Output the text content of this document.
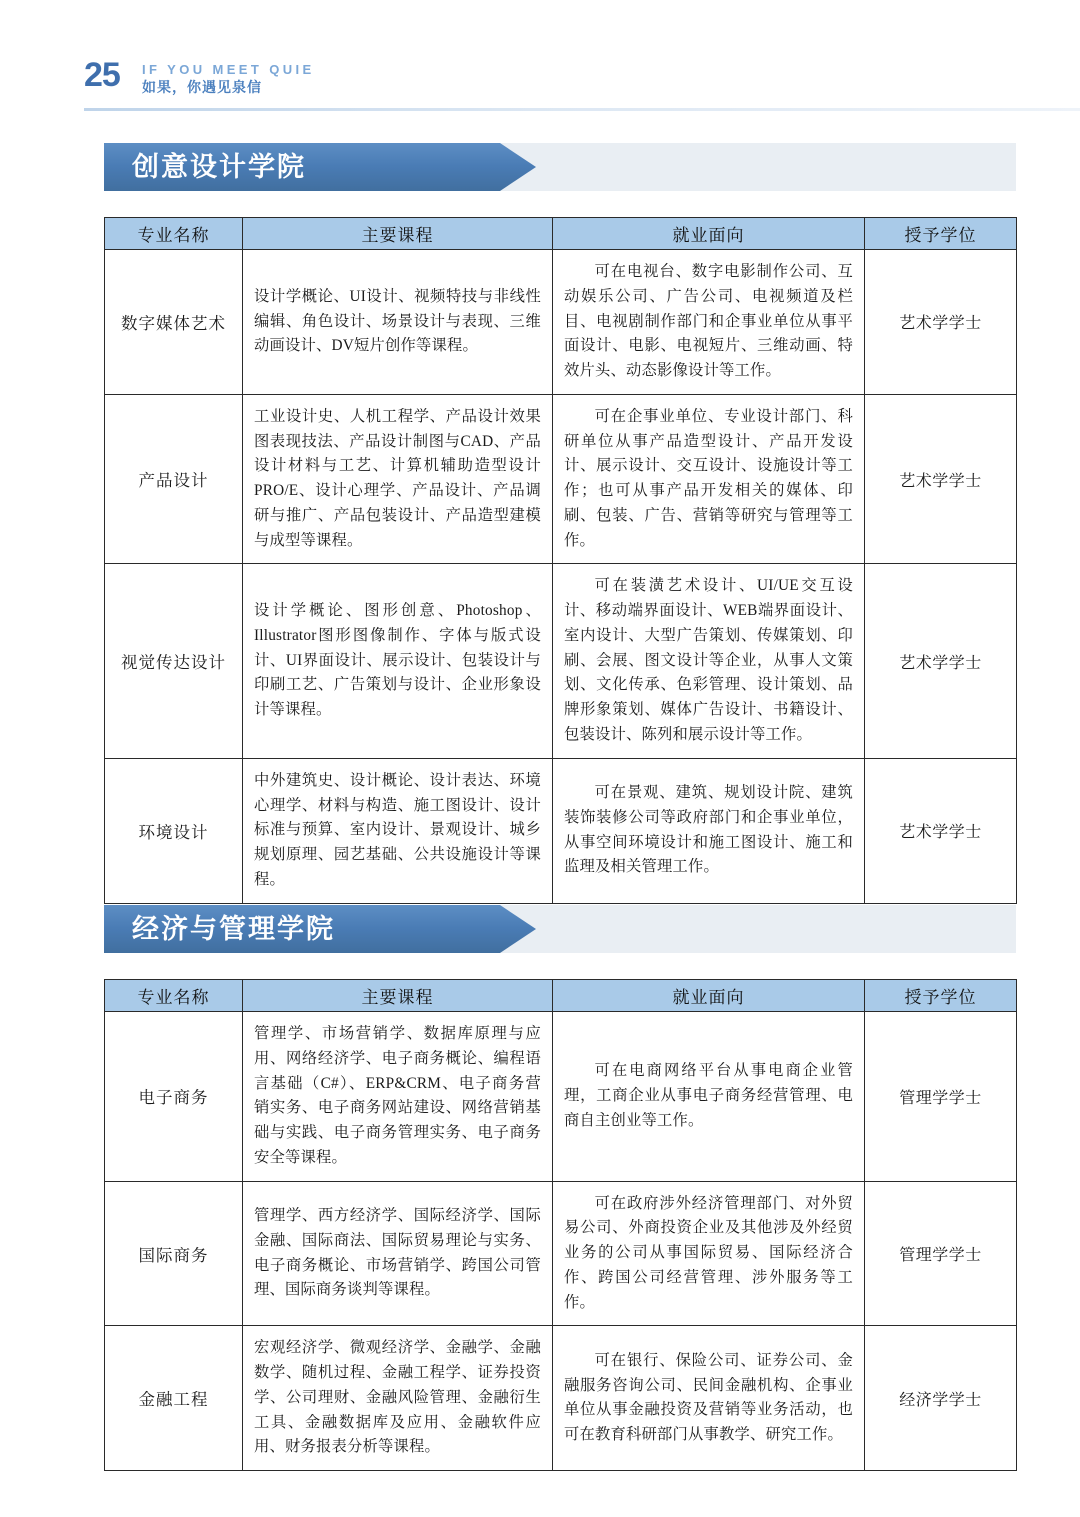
25 IF YOU MEET QUIE
如果，你遇见泉信
创意设计学院
专业名称	主要课程	就业面向	授予学位
数字媒体艺术	设计学概论、UI设计、视频特技与非线性编辑、角色设计、场景设计与表现、三维动画设计、DV短片创作等课程。	可在电视台、数字电影制作公司、互动娱乐公司、广告公司、电视频道及栏目、电视剧制作部门和企事业单位从事平面设计、电影、电视短片、三维动画、特效片头、动态影像设计等工作。	艺术学学士
产品设计	工业设计史、人机工程学、产品设计效果图表现技法、产品设计制图与CAD、产品设计材料与工艺、计算机辅助造型设计PRO/E、设计心理学、产品设计、产品调研与推广、产品包装设计、产品造型建模与成型等课程。	可在企事业单位、专业设计部门、科研单位从事产品造型设计、产品开发设计、展示设计、交互设计、设施设计等工作；也可从事产品开发相关的媒体、印刷、包装、广告、营销等研究与管理等工作。	艺术学学士
视觉传达设计	设计学概论、图形创意、Photoshop、Illustrator图形图像制作、字体与版式设计、UI界面设计、展示设计、包装设计与印刷工艺、广告策划与设计、企业形象设计等课程。	可在装潢艺术设计、UI/UE交互设计、移动端界面设计、WEB端界面设计、室内设计、大型广告策划、传媒策划、印刷、会展、图文设计等企业，从事人文策划、文化传承、色彩管理、设计策划、品牌形象策划、媒体广告设计、书籍设计、包装设计、陈列和展示设计等工作。	艺术学学士
环境设计	中外建筑史、设计概论、设计表达、环境心理学、材料与构造、施工图设计、设计标准与预算、室内设计、景观设计、城乡规划原理、园艺基础、公共设施设计等课程。	可在景观、建筑、规划设计院、建筑装饰装修公司等政府部门和企事业单位，从事空间环境设计和施工图设计、施工和监理及相关管理工作。	艺术学学士
经济与管理学院
专业名称	主要课程	就业面向	授予学位
电子商务	管理学、市场营销学、数据库原理与应用、网络经济学、电子商务概论、编程语言基础（C#）、ERP&CRM、电子商务营销实务、电子商务网站建设、网络营销基础与实践、电子商务管理实务、电子商务安全等课程。	可在电商网络平台从事电商企业管理，工商企业从事电子商务经营管理、电商自主创业等工作。	管理学学士
国际商务	管理学、西方经济学、国际经济学、国际金融、国际商法、国际贸易理论与实务、电子商务概论、市场营销学、跨国公司管理、国际商务谈判等课程。	可在政府涉外经济管理部门、对外贸易公司、外商投资企业及其他涉及外经贸业务的公司从事国际贸易、国际经济合作、跨国公司经营管理、涉外服务等工作。	管理学学士
金融工程	宏观经济学、微观经济学、金融学、金融数学、随机过程、金融工程学、证券投资学、公司理财、金融风险管理、金融衍生工具、金融数据库及应用、金融软件应用、财务报表分析等课程。	可在银行、保险公司、证券公司、金融服务咨询公司、民间金融机构、企事业单位从事金融投资及营销等业务活动，也可在教育科研部门从事教学、研究工作。	经济学学士
